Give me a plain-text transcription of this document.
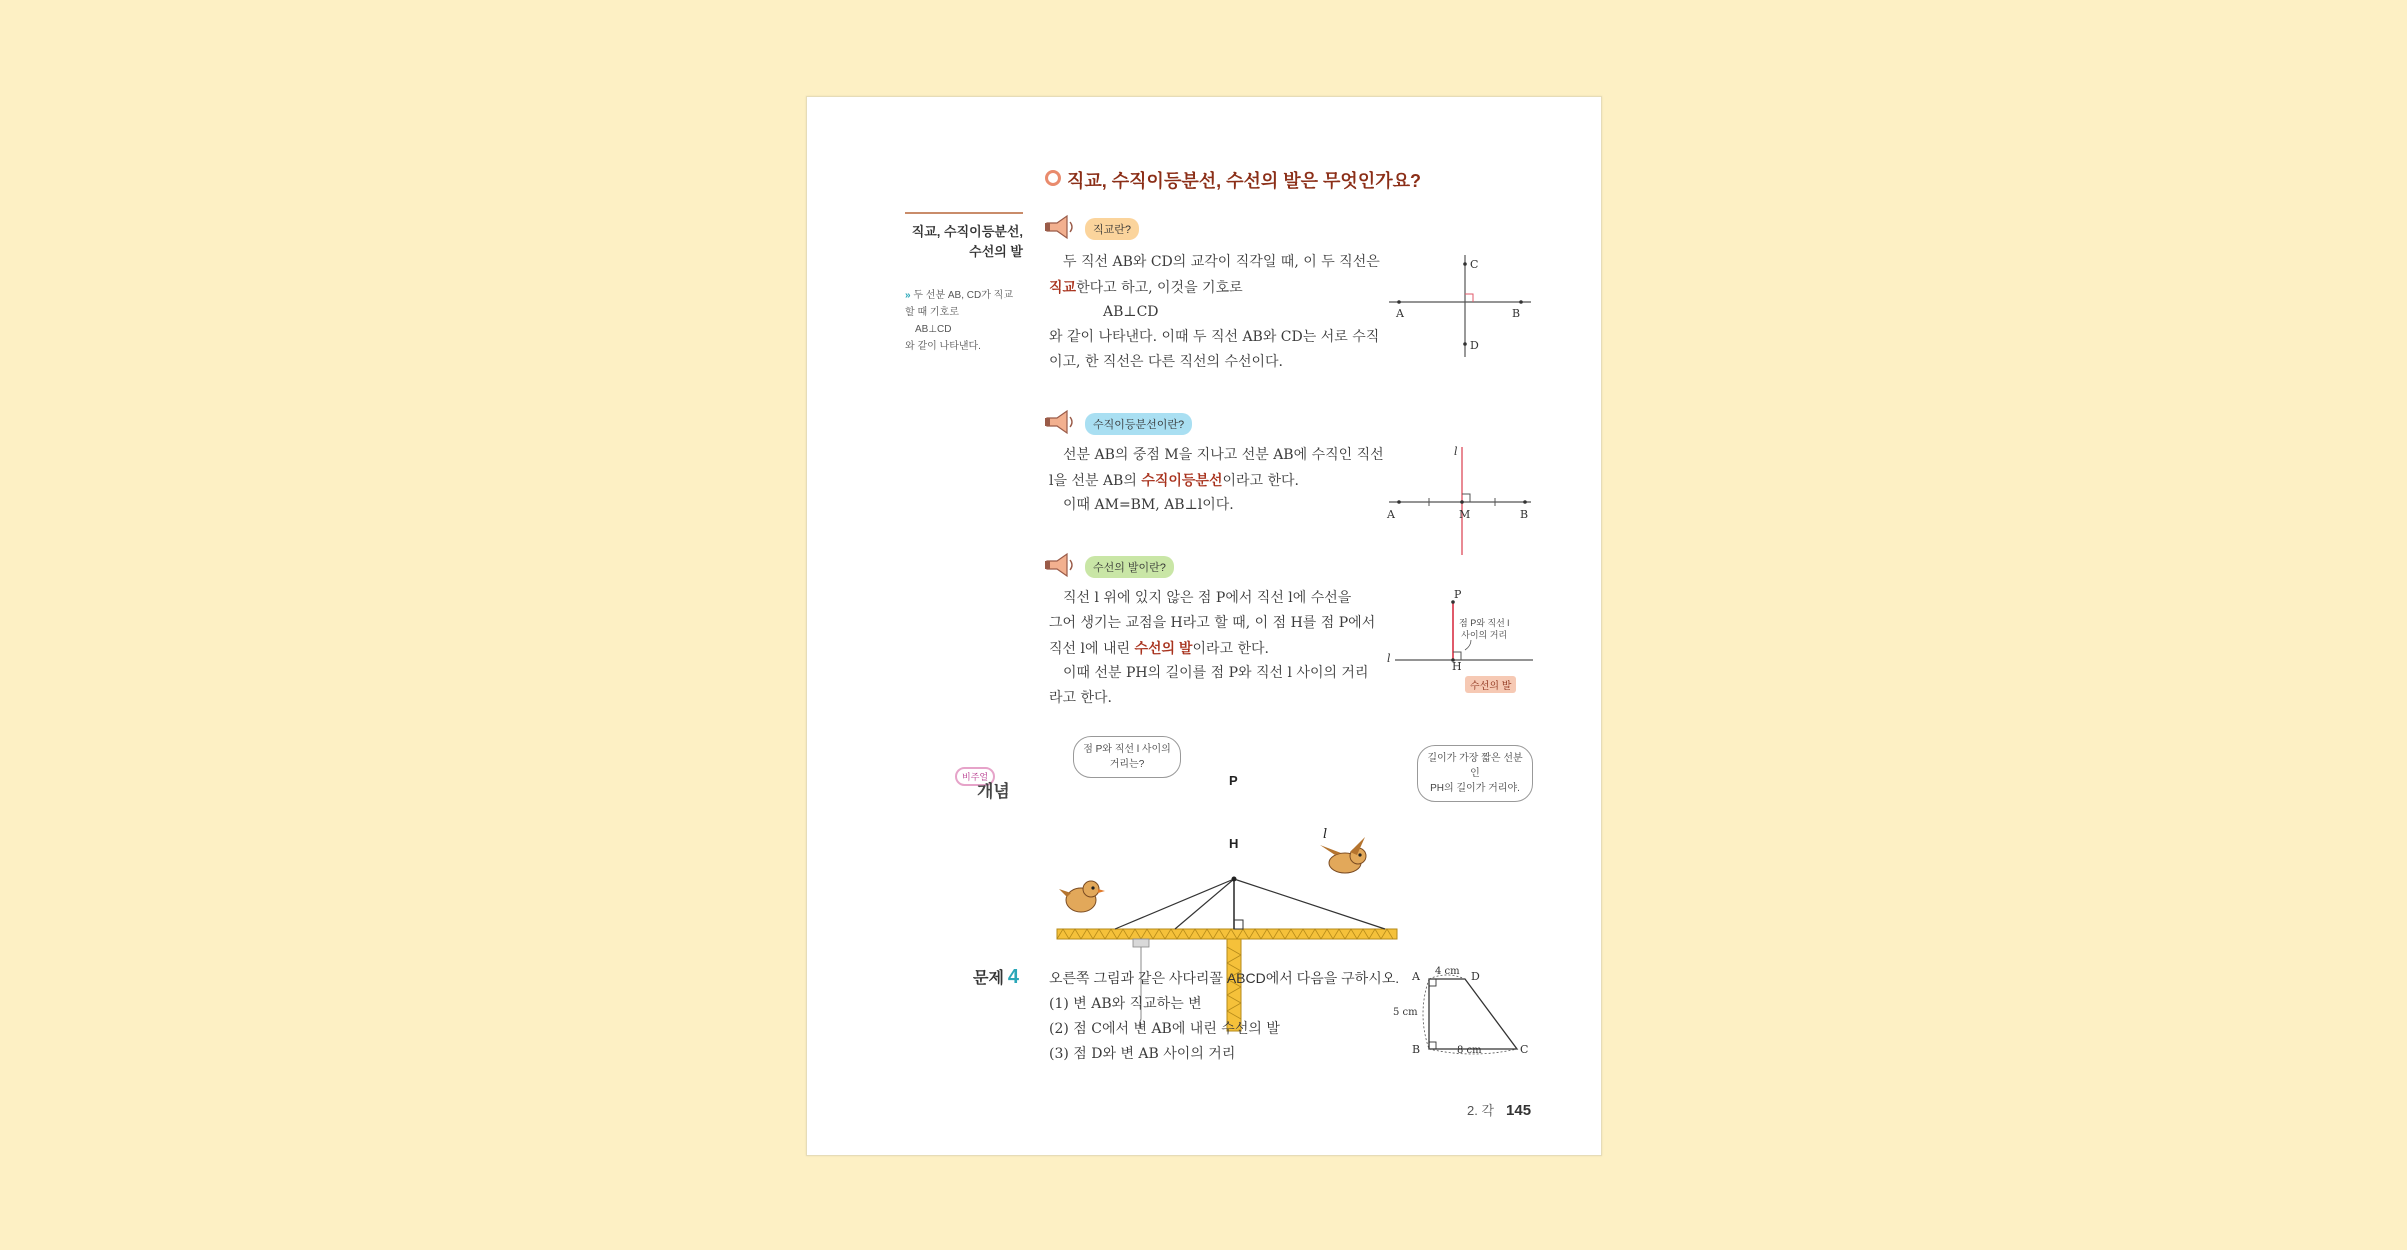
직교, 수직이등분선, 수선의 발은 무엇인가요?
직교, 수직이등분선,
수선의 발
» 두 선분 AB, CD가 직교
할 때 기호로
AB⊥CD
와 같이 나타낸다.
직교란?
두 직선 AB와 CD의 교각이 직각일 때, 이 두 직선은
직교한다고 하고, 이것을 기호로
AB⊥CD
와 같이 나타낸다. 이때 두 직선 AB와 CD는 서로 수직
이고, 한 직선은 다른 직선의 수선이다.
A	B
C
D
수직이등분선이란?
선분 AB의 중점 M을 지나고 선분 AB에 수직인 직선
l을 선분 AB의 수직이등분선이라고 한다.
이때 AM=BM, AB⊥l이다.
l
A	M	B
수선의 발이란?
직선 l 위에 있지 않은 점 P에서 직선 l에 수선을
그어 생기는 교점을 H라고 할 때, 이 점 H를 점 P에서
직선 l에 내린 수선의 발이라고 한다.
이때 선분 PH의 길이를 점 P와 직선 l 사이의 거리
라고 한다.
P
H
l
점 P와 직선 l
사이의 거리
수선의 발
비주얼
개념
점 P와 직선 l 사이의
거리는?
길이가 가장 짧은 선분인
PH의 길이가 거리야.
P
l
H
문제 4 오른쪽 그림과 같은 사다리꼴 ABCD에서 다음을 구하시오.
(1) 변 AB와 직교하는 변
(2) 점 C에서 변 AB에 내린 수선의 발
(3) 점 D와 변 AB 사이의 거리
A	D
B	C
4 cm
5 cm
8 cm
2. 각 145
